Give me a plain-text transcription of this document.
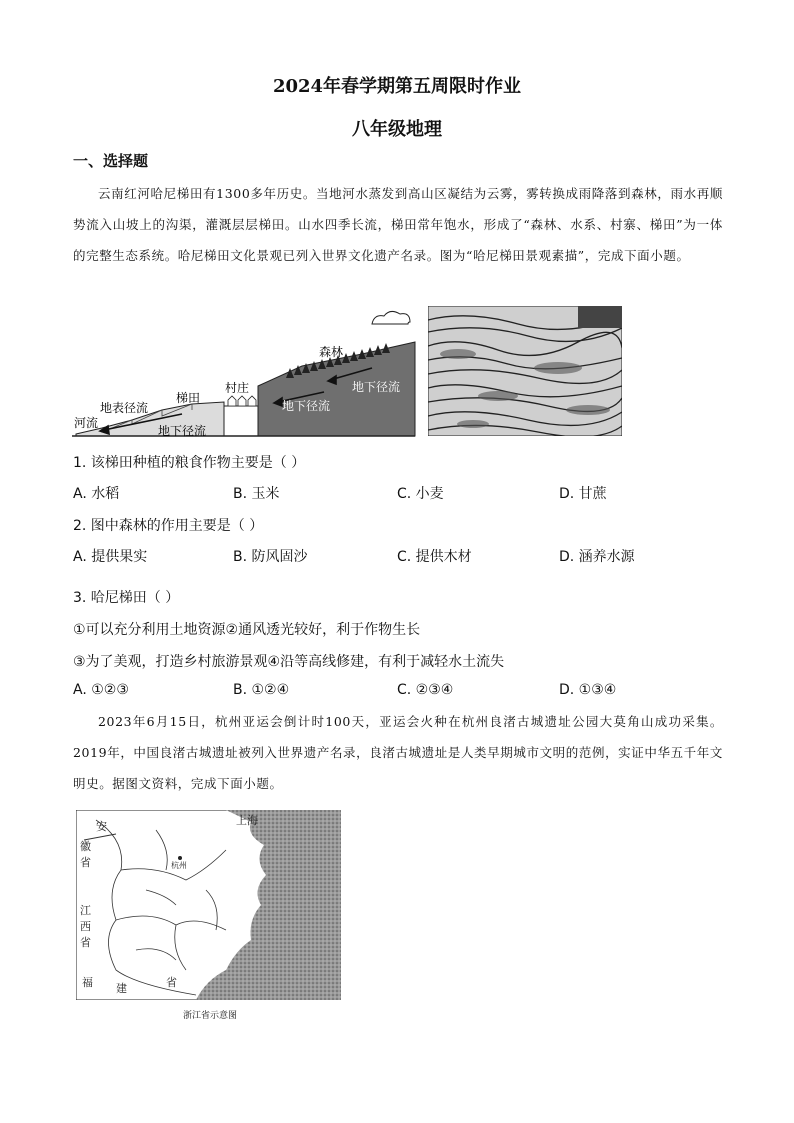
2024年春学期第五周限时作业
八年级地理
一、选择题
云南红河哈尼梯田有1300多年历史。当地河水蒸发到高山区凝结为云雾，雾转换成雨降落到森林，雨水再顺势流入山坡上的沟渠，灌溉层层梯田。山水四季长流，梯田常年饱水，形成了“森林、水系、村寨、梯田”为一体的完整生态系统。哈尼梯田文化景观已列入世界文化遗产名录。图为“哈尼梯田景观素描”，完成下面小题。
森林
地下径流
地下径流
村庄
梯田
地表径流
河流
地下径流
1. 该梯田种植的粮食作物主要是（ ）
A. 水稻	B. 玉米	C. 小麦	D. 甘蔗
2. 图中森林的作用主要是（ ）
A. 提供果实	B. 防风固沙	C. 提供木材	D. 涵养水源
3. 哈尼梯田（ ）
①可以充分利用土地资源②通风透光较好，利于作物生长
③为了美观，打造乡村旅游景观④沿等高线修建，有利于减轻水土流失
A. ①②③	B. ①②④	C. ②③④	D. ①③④
2023年6月15日，杭州亚运会倒计时100天，亚运会火种在杭州良渚古城遗址公园大莫角山成功采集。2019年，中国良渚古城遗址被列入世界遗产名录，良渚古城遗址是人类早期城市文明的范例，实证中华五千年文明史。据图文资料，完成下面小题。
安
徽
省
江
西
省
福 建	省
上海
杭州
浙江省示意图
